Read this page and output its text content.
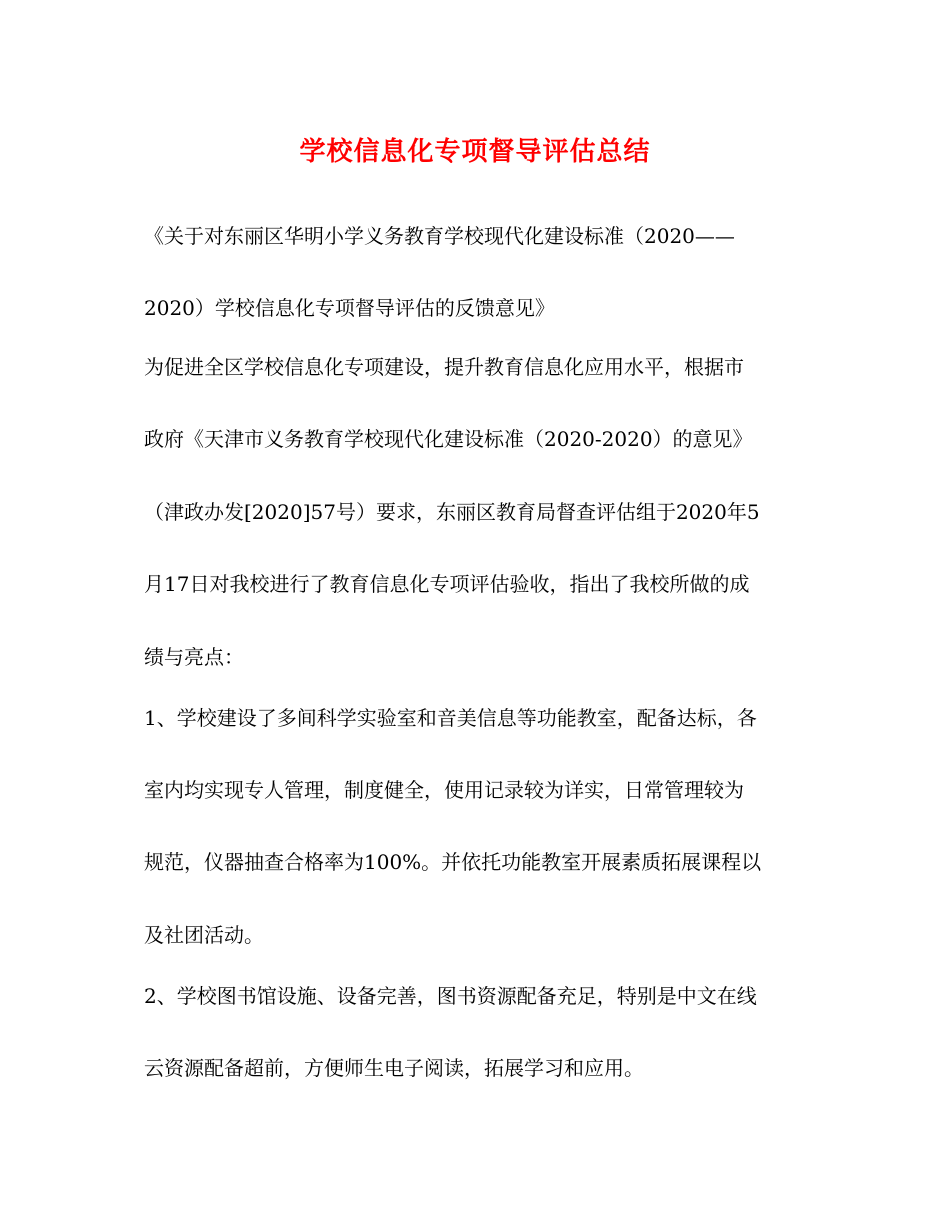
学校信息化专项督导评估总结
《关于对东丽区华明小学义务教育学校现代化建设标准（2020——
2020）学校信息化专项督导评估的反馈意见》
为促进全区学校信息化专项建设，提升教育信息化应用水平，根据市
政府《天津市义务教育学校现代化建设标准（2020-2020）的意见》
（津政办发[2020]57号）要求，东丽区教育局督查评估组于2020年5
月17日对我校进行了教育信息化专项评估验收，指出了我校所做的成
绩与亮点：
1、学校建设了多间科学实验室和音美信息等功能教室，配备达标，各
室内均实现专人管理，制度健全，使用记录较为详实，日常管理较为
规范，仪器抽查合格率为100%。并依托功能教室开展素质拓展课程以
及社团活动。
2、学校图书馆设施、设备完善，图书资源配备充足，特别是中文在线
云资源配备超前，方便师生电子阅读，拓展学习和应用。
